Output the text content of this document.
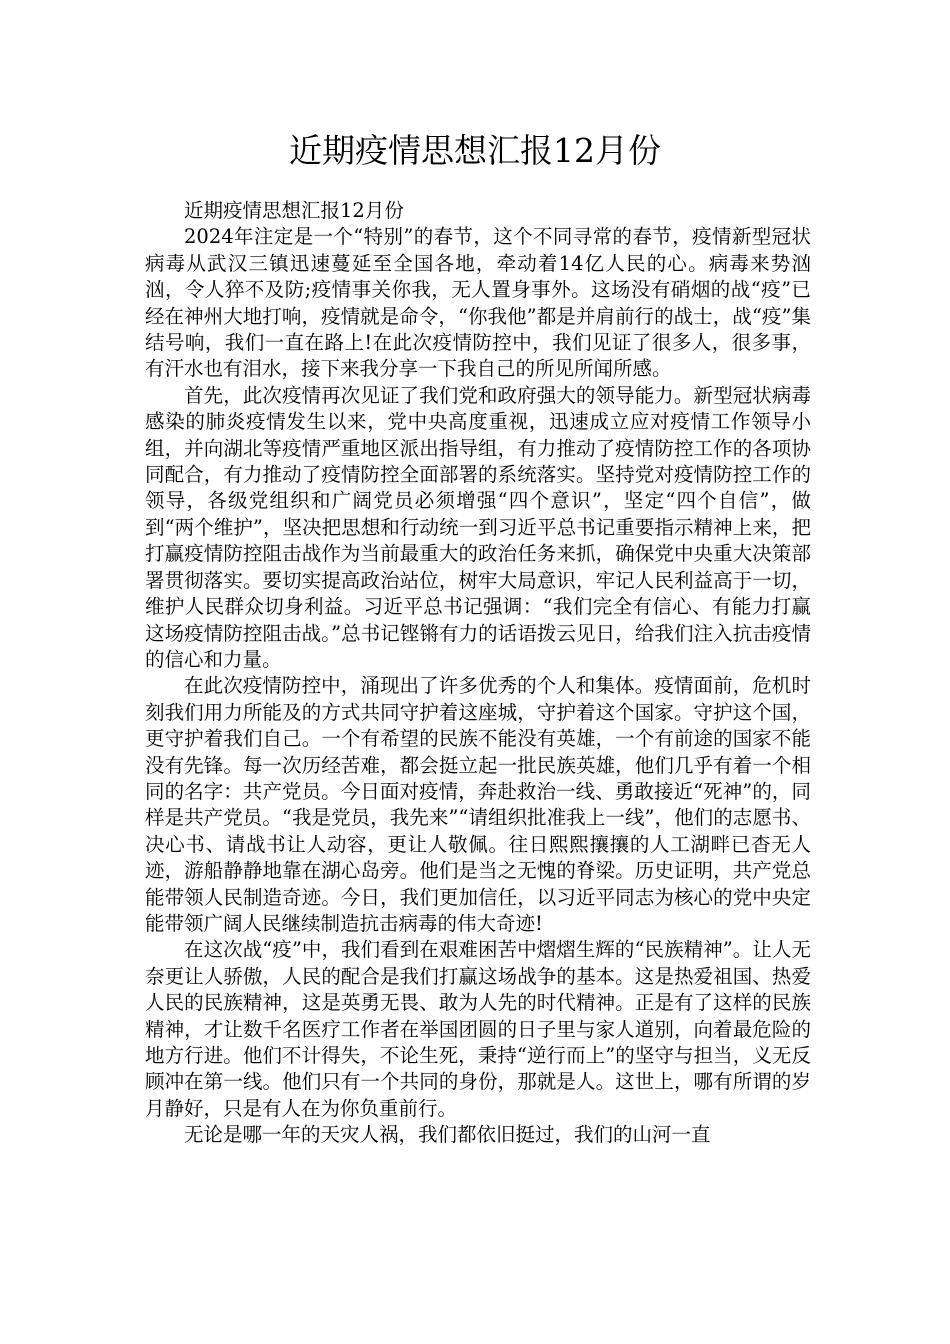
近期疫情思想汇报12月份

近期疫情思想汇报12月份

2024年注定是一个“特别”的春节，这个不同寻常的春节，疫情新型冠状病毒从武汉三镇迅速蔓延至全国各地，牵动着14亿人民的心。病毒来势汹汹，令人猝不及防;疫情事关你我，无人置身事外。这场没有硝烟的战“疫”已经在神州大地打响，疫情就是命令，“你我他”都是并肩前行的战士，战“疫”集结号响，我们一直在路上!在此次疫情防控中，我们见证了很多人，很多事，有汗水也有泪水，接下来我分享一下我自己的所见所闻所感。

首先，此次疫情再次见证了我们党和政府强大的领导能力。新型冠状病毒感染的肺炎疫情发生以来，党中央高度重视，迅速成立应对疫情工作领导小组，并向湖北等疫情严重地区派出指导组，有力推动了疫情防控工作的各项协同配合，有力推动了疫情防控全面部署的系统落实。坚持党对疫情防控工作的领导，各级党组织和广阔党员必须增强“四个意识”，坚定“四个自信”，做到“两个维护”，坚决把思想和行动统一到习近平总书记重要指示精神上来，把打赢疫情防控阻击战作为当前最重大的政治任务来抓，确保党中央重大决策部署贯彻落实。要切实提高政治站位，树牢大局意识，牢记人民利益高于一切，维护人民群众切身利益。习近平总书记强调：“我们完全有信心、有能力打赢这场疫情防控阻击战。”总书记铿锵有力的话语拨云见日，给我们注入抗击疫情的信心和力量。

在此次疫情防控中，涌现出了许多优秀的个人和集体。疫情面前，危机时刻我们用力所能及的方式共同守护着这座城，守护着这个国家。守护这个国，更守护着我们自己。一个有希望的民族不能没有英雄，一个有前途的国家不能没有先锋。每一次历经苦难，都会挺立起一批民族英雄，他们几乎有着一个相同的名字：共产党员。今日面对疫情，奔赴救治一线、勇敢接近“死神”的，同样是共产党员。“我是党员，我先来”“请组织批准我上一线”，他们的志愿书、决心书、请战书让人动容，更让人敬佩。往日熙熙攘攘的人工湖畔已杳无人迹，游船静静地靠在湖心岛旁。他们是当之无愧的脊梁。历史证明，共产党总能带领人民制造奇迹。今日，我们更加信任，以习近平同志为核心的党中央定能带领广阔人民继续制造抗击病毒的伟大奇迹!

在这次战“疫”中，我们看到在艰难困苦中熠熠生辉的“民族精神”。让人无奈更让人骄傲，人民的配合是我们打赢这场战争的基本。这是热爱祖国、热爱人民的民族精神，这是英勇无畏、敢为人先的时代精神。正是有了这样的民族精神，才让数千名医疗工作者在举国团圆的日子里与家人道别，向着最危险的地方行进。他们不计得失，不论生死，秉持“逆行而上”的坚守与担当，义无反顾冲在第一线。他们只有一个共同的身份，那就是人。这世上，哪有所谓的岁月静好，只是有人在为你负重前行。

无论是哪一年的天灾人祸，我们都依旧挺过，我们的山河一直
